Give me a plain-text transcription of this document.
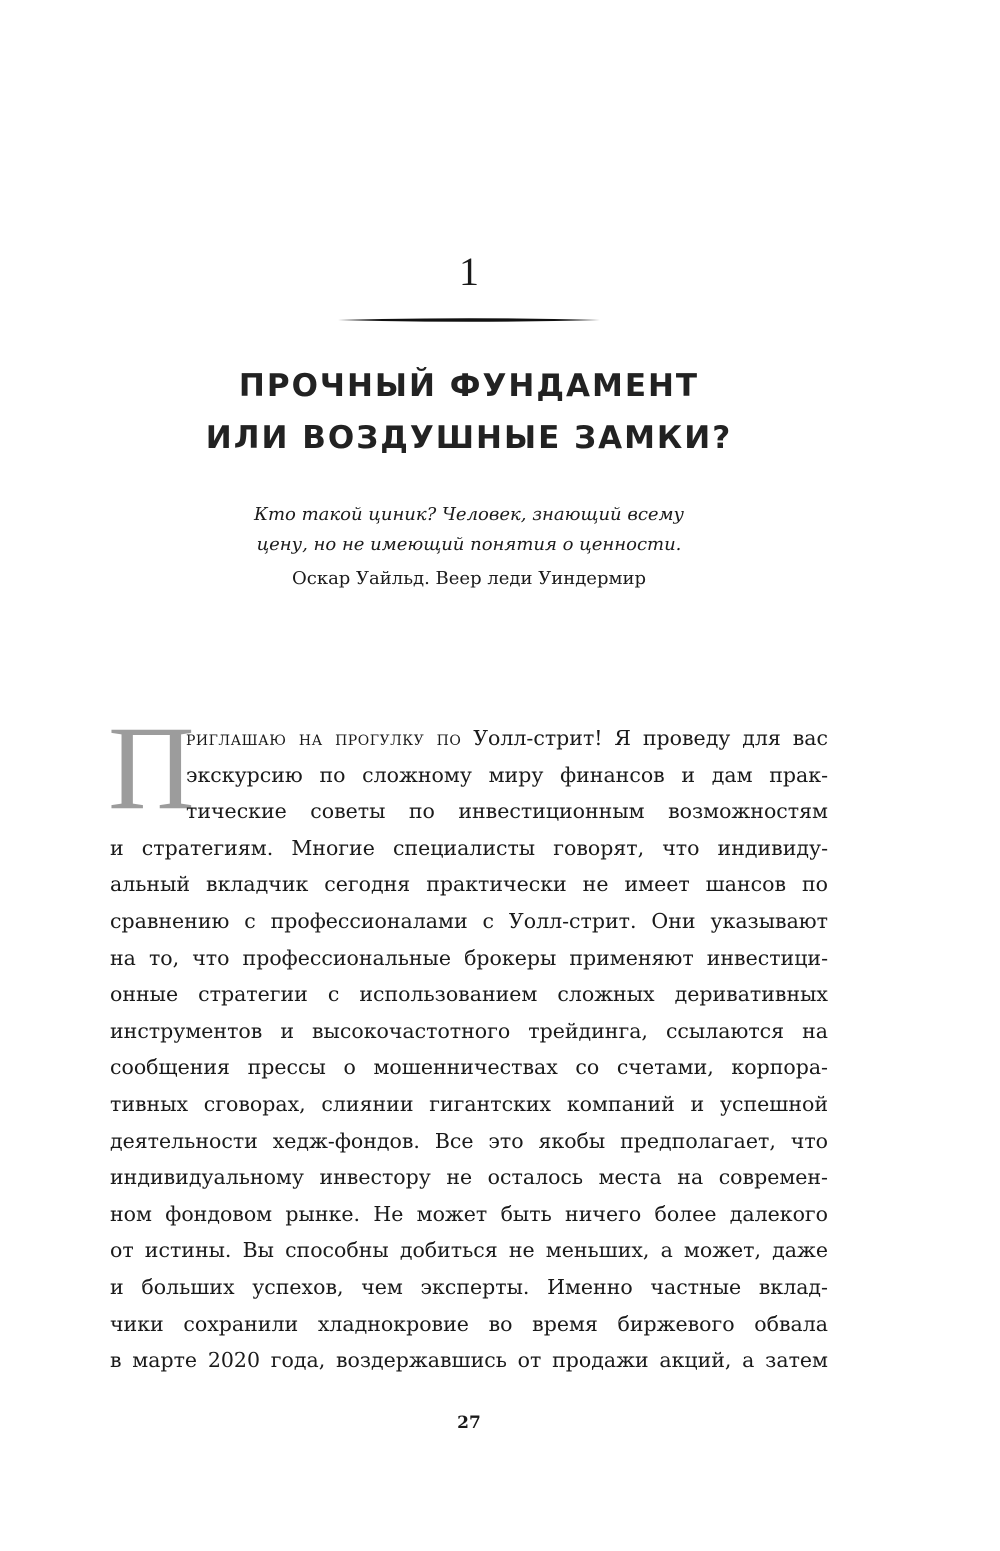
1
ПРОЧНЫЙ ФУНДАМЕНТ
ИЛИ ВОЗДУШНЫЕ ЗАМКИ?
Кто такой циник? Человек, знающий всему
цену, но не имеющий понятия о ценности.
Оскар Уайльд. Веер леди Уиндермир
П
риглашаю на прогулку по Уолл-стрит! Я проведу для вас
экскурсию по сложному миру финансов и дам прак-
тические советы по инвестиционным возможностям
и стратегиям. Многие специалисты говорят, что индивиду-
альный вкладчик сегодня практически не имеет шансов по
сравнению с профессионалами с Уолл-стрит. Они указывают
на то, что профессиональные брокеры применяют инвестици-
онные стратегии с использованием сложных деривативных
инструментов и высокочастотного трейдинга, ссылаются на
сообщения прессы о мошенничествах со счетами, корпора-
тивных сговорах, слиянии гигантских компаний и успешной
деятельности хедж-фондов. Все это якобы предполагает, что
индивидуальному инвестору не осталось места на современ-
ном фондовом рынке. Не может быть ничего более далекого
от истины. Вы способны добиться не меньших, а может, даже
и больших успехов, чем эксперты. Именно частные вклад-
чики сохранили хладнокровие во время биржевого обвала
в марте 2020 года, воздержавшись от продажи акций, а затем
27
